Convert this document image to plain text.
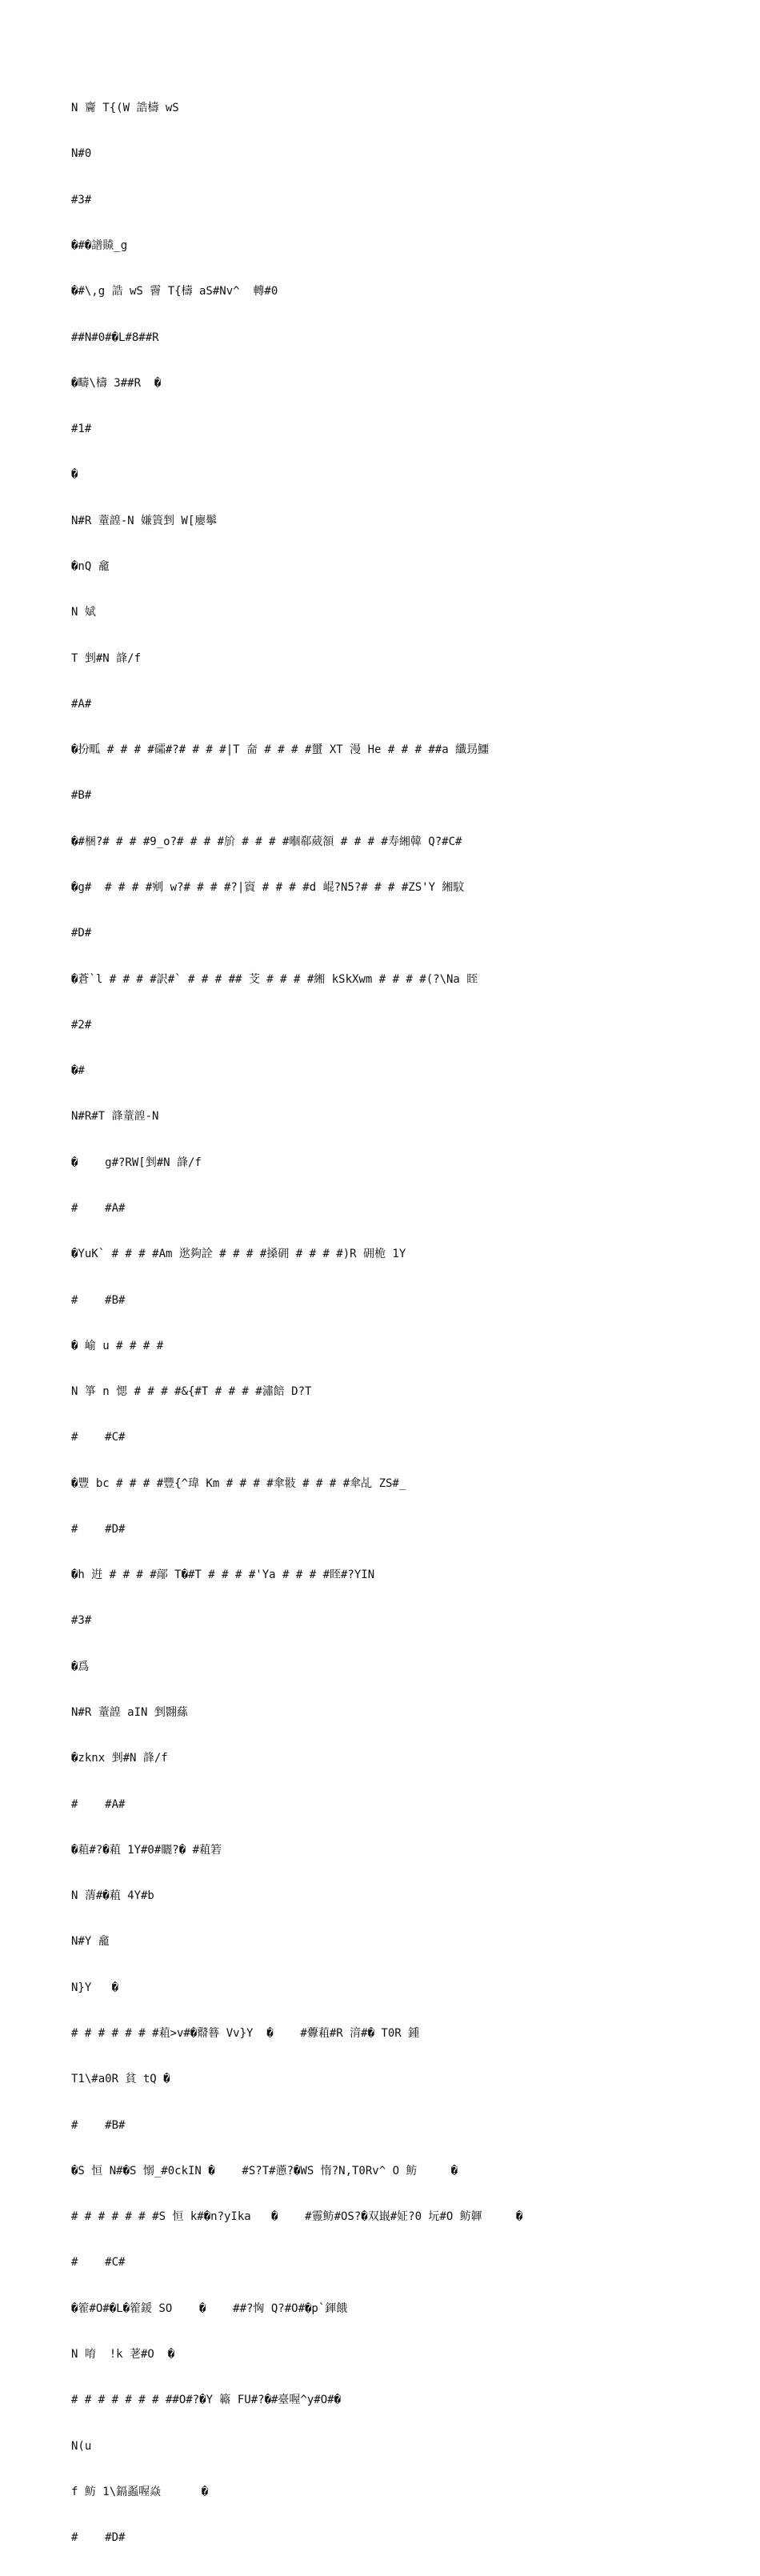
N 齎 T{(W 誥檮 wS

N#0

#3#

�#�譜贆_g

�#\,g 誥 wS 霫 T{檮 aS#Nv^  轉#0

##N#0#�L#8##R

�疇\檮 3##R  �

#1#

�

N#R 蕫韹-N 嫌篢剉 W[廮鬡

�nQ 龕

N 娬

T 剉#N 韸/f

#A#

�扮畖 # # # #礵#?# # # #|T 奤 # # # #蠒 XT 漫 He # # # ##a 纖昮鱷

#B#

�#梱?# # # #9_o?# # # #斺 # # # #嗰郗葳頟 # # # #寿緗韓 Q?#C#

�g#  # # # #剜 w?# # # #?|賨 # # # #d 崐?N5?# # # #ZS'Y 緗馼

#D#

�蒼`l # # # #訳#` # # # ## 芠 # # # #緗 kSkXwm # # # #(?\Na 眰

#2#

�#

N#R#T 韸蕫韹-N

�    g#?RW[剉#N 韸/f

#    #A#

�YuK` # # # #Am 逖夠詮 # # # #搡砽 # # # #)R 砽桅 1Y

#    #B#

� 崳 u # # # #

N 箏 n 愢 # # # #&{#T # # # #潚餢 D?T

#    #C#

�豐 bc # # # #豐{^瑋 Km # # # #傘翄 # # # #傘乩 ZS#_

#    #D#

�h 逬 # # # #鄗 T�#T # # # #'Ya # # # #眰#?YIN

#3#

�爲

N#R 蕫韹 aIN 剉翾蕬

�zknx 剉#N 韸/f

#    #A#

�蒩#?�蒩 1Y#0#矖?� #蒩箬

N 蔳#�蒩 4Y#b

N#Y 龕

N}Y   �

# # # # # # #蒩>v#�鼘簮 Vv}Y  �    #虋蒩#R 湇#� T0R 鍾

T1\#a0R 貧 tQ �

#    #B#

�S 恒 N#�S 愵_#0ckIN �    #S?T#懣?�WS 惰?N,T0Rv^ O 鲂     �

# # # # # # #S 恒 k#�n?yIka   �    #霻鲂#OS?�双嶯#姃?0 坃#O 鲂韗     �

#    #C#

�篧#O#�L�篧鍰 SO    �    ##?恟 Q?#O#�p`鍕餓

N 唷  !k 荖#O  �

# # # # # # # ##O#?�Y 簵 FU#?�#臺喔^y#O#�

N(u

f 鲂 1\鎘蟸喔焱      �

#    #D#
